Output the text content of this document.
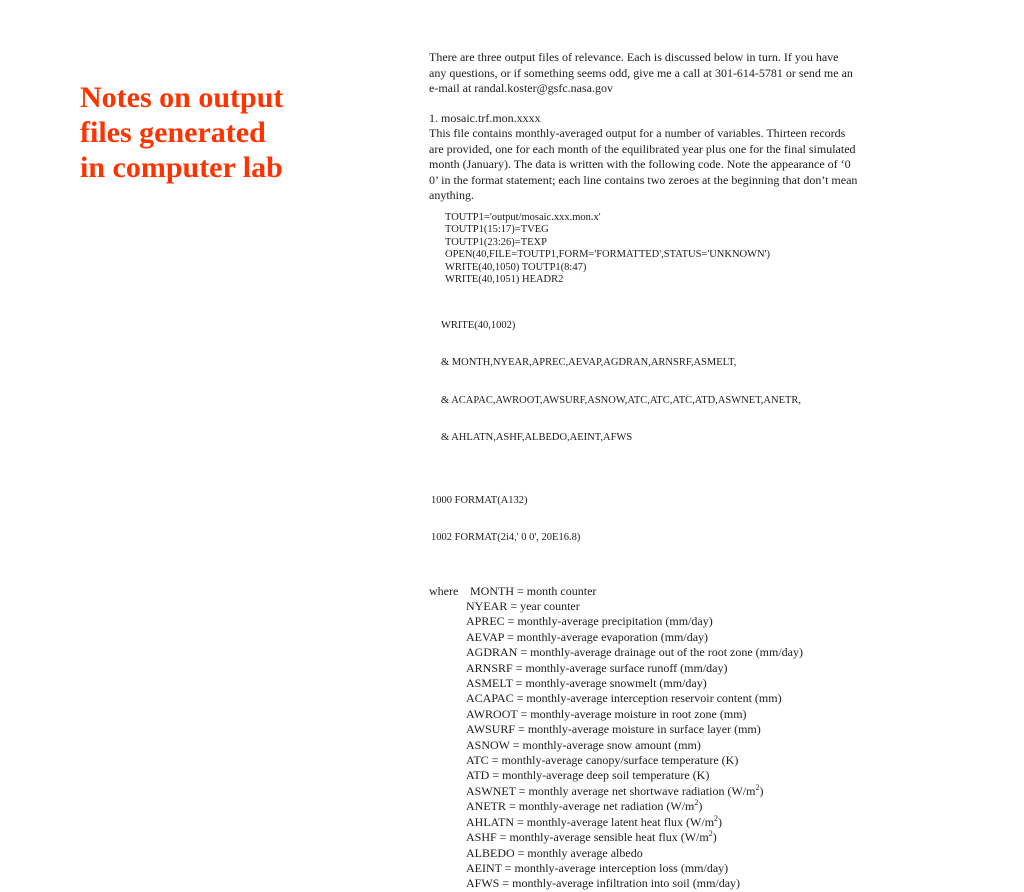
Notes on output
files generated
in computer lab

There are three output files of relevance. Each is discussed below in turn. If you have
any questions, or if something seems odd, give me a call at 301-614-5781 or send me an
e-mail at randal.koster@gsfc.nasa.gov

1. mosaic.trf.mon.xxxx
This file contains monthly-averaged output for a number of variables. Thirteen records
are provided, one for each month of the equilibrated year plus one for the final simulated
month (January). The data is written with the following code. Note the appearance of ‘0
0’ in the format statement; each line contains two zeroes at the beginning that don’t mean
anything.

TOUTP1='output/mosaic.xxx.mon.x'
TOUTP1(15:17)=TVEG
TOUTP1(23:26)=TEXP
OPEN(40,FILE=TOUTP1,FORM='FORMATTED',STATUS='UNKNOWN')
WRITE(40,1050) TOUTP1(8:47)
WRITE(40,1051) HEADR2

WRITE(40,1002)

& MONTH,NYEAR,APREC,AEVAP,AGDRAN,ARNSRF,ASMELT,

& ACAPAC,AWROOT,AWSURF,ASNOW,ATC,ATC,ATC,ATD,ASWNET,ANETR,

& AHLATN,ASHF,ALBEDO,AEINT,AFWS

1000 FORMAT(A132)

1002 FORMAT(2i4,' 0 0', 20E16.8)

where MONTH = month counter
NYEAR = year counter
APREC = monthly-average precipitation (mm/day)
AEVAP = monthly-average evaporation (mm/day)
AGDRAN = monthly-average drainage out of the root zone (mm/day)
ARNSRF = monthly-average surface runoff (mm/day)
ASMELT = monthly-average snowmelt (mm/day)
ACAPAC = monthly-average interception reservoir content (mm)
AWROOT = monthly-average moisture in root zone (mm)
AWSURF = monthly-average moisture in surface layer (mm)
ASNOW = monthly-average snow amount (mm)
ATC = monthly-average canopy/surface temperature (K)
ATD = monthly-average deep soil temperature (K)
ASWNET = monthly average net shortwave radiation $(W/m^2)$
ANETR = monthly-average net radiation $(W/m^2)$
AHLATN = monthly-average latent heat flux $(W/m^2)$
ASHF = monthly-average sensible heat flux $(W/m^2)$
ALBEDO = monthly average albedo
AEINT = monthly-average interception loss (mm/day)
AFWS = monthly-average infiltration into soil (mm/day)
